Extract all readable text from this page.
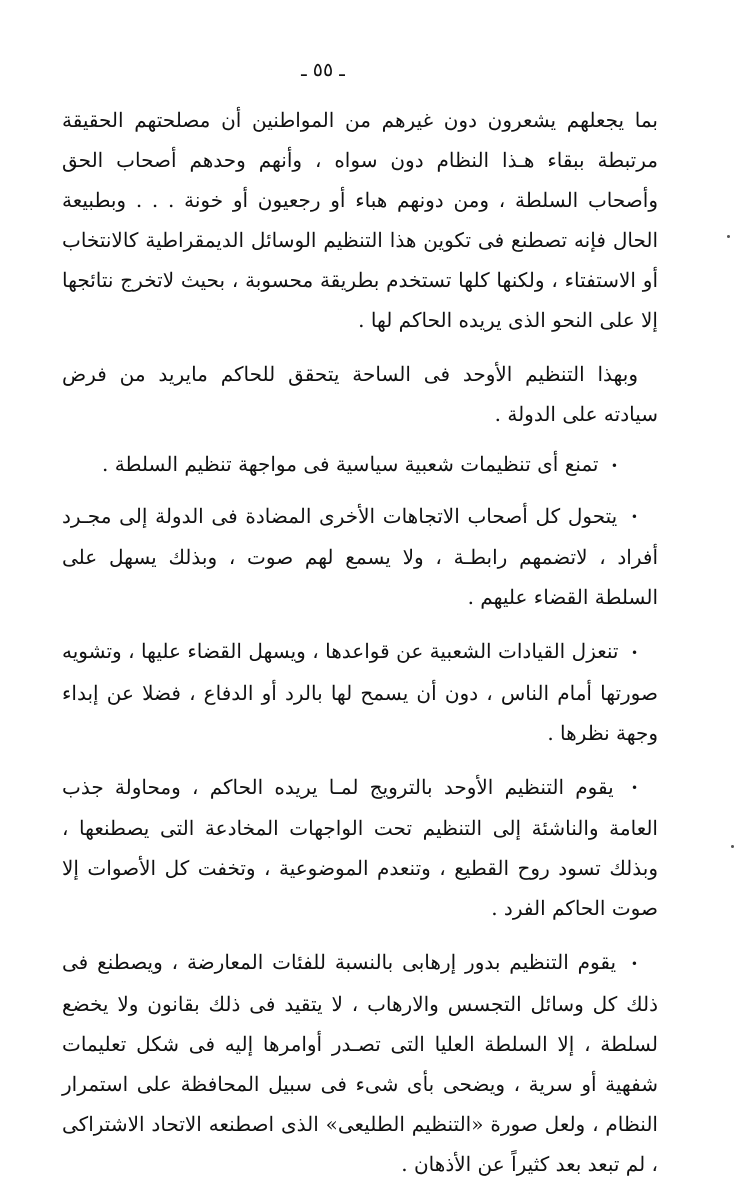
ـ ٥٥ ـ

بما يجعلهم يشعرون دون غيرهم من المواطنين أن مصلحتهم الحقيقة مرتبطة ببقاء هـذا النظام دون سواه ، وأنهم وحدهم أصحاب الحق وأصحاب السلطة ، ومن دونهم هباء أو رجعيون أو خونة . . . وبطبيعة الحال فإنه تصطنع فى تكوين هذا التنظيم الوسائل الديمقراطية كالانتخاب أو الاستفتاء ، ولكنها كلها تستخدم بطريقة محسوبة ، بحيث لاتخرج نتائجها إلا على النحو الذى يريده الحاكم لها .

وبهذا التنظيم الأوحد فى الساحة يتحقق للحاكم مايريد من فرض سيادته على الدولة .

• تمنع أى تنظيمات شعبية سياسية فى مواجهة تنظيم السلطة .

• يتحول كل أصحاب الاتجاهات الأخرى المضادة فى الدولة إلى مجـرد أفراد ، لاتضمهم رابطـة ، ولا يسمع لهم صوت ، وبذلك يسهل على السلطة القضاء عليهم .

• تنعزل القيادات الشعبية عن قواعدها ، ويسهل القضاء عليها ، وتشويه صورتها أمام الناس ، دون أن يسمح لها بالرد أو الدفاع ، فضلا عن إبداء وجهة نظرها .

• يقوم التنظيم الأوحد بالترويج لمـا يريده الحاكم ، ومحاولة جذب العامة والناشئة إلى التنظيم تحت الواجهات المخادعة التى يصطنعها ، وبذلك تسود روح القطيع ، وتنعدم الموضوعية ، وتخفت كل الأصوات إلا صوت الحاكم الفرد .

• يقوم التنظيم بدور إرهابى بالنسبة للفئات المعارضة ، ويصطنع فى ذلك كل وسائل التجسس والارهاب ، لا يتقيد فى ذلك بقانون ولا يخضع لسلطة ، إلا السلطة العليا التى تصـدر أوامرها إليه فى شكل تعليمات شفهية أو سرية ، ويضحى بأى شىء فى سبيل المحافظة على استمرار النظام ، ولعل صورة «التنظيم الطليعى» الذى اصطنعه الاتحاد الاشتراكى ، لم تبعد بعد كثيراً عن الأذهان .
